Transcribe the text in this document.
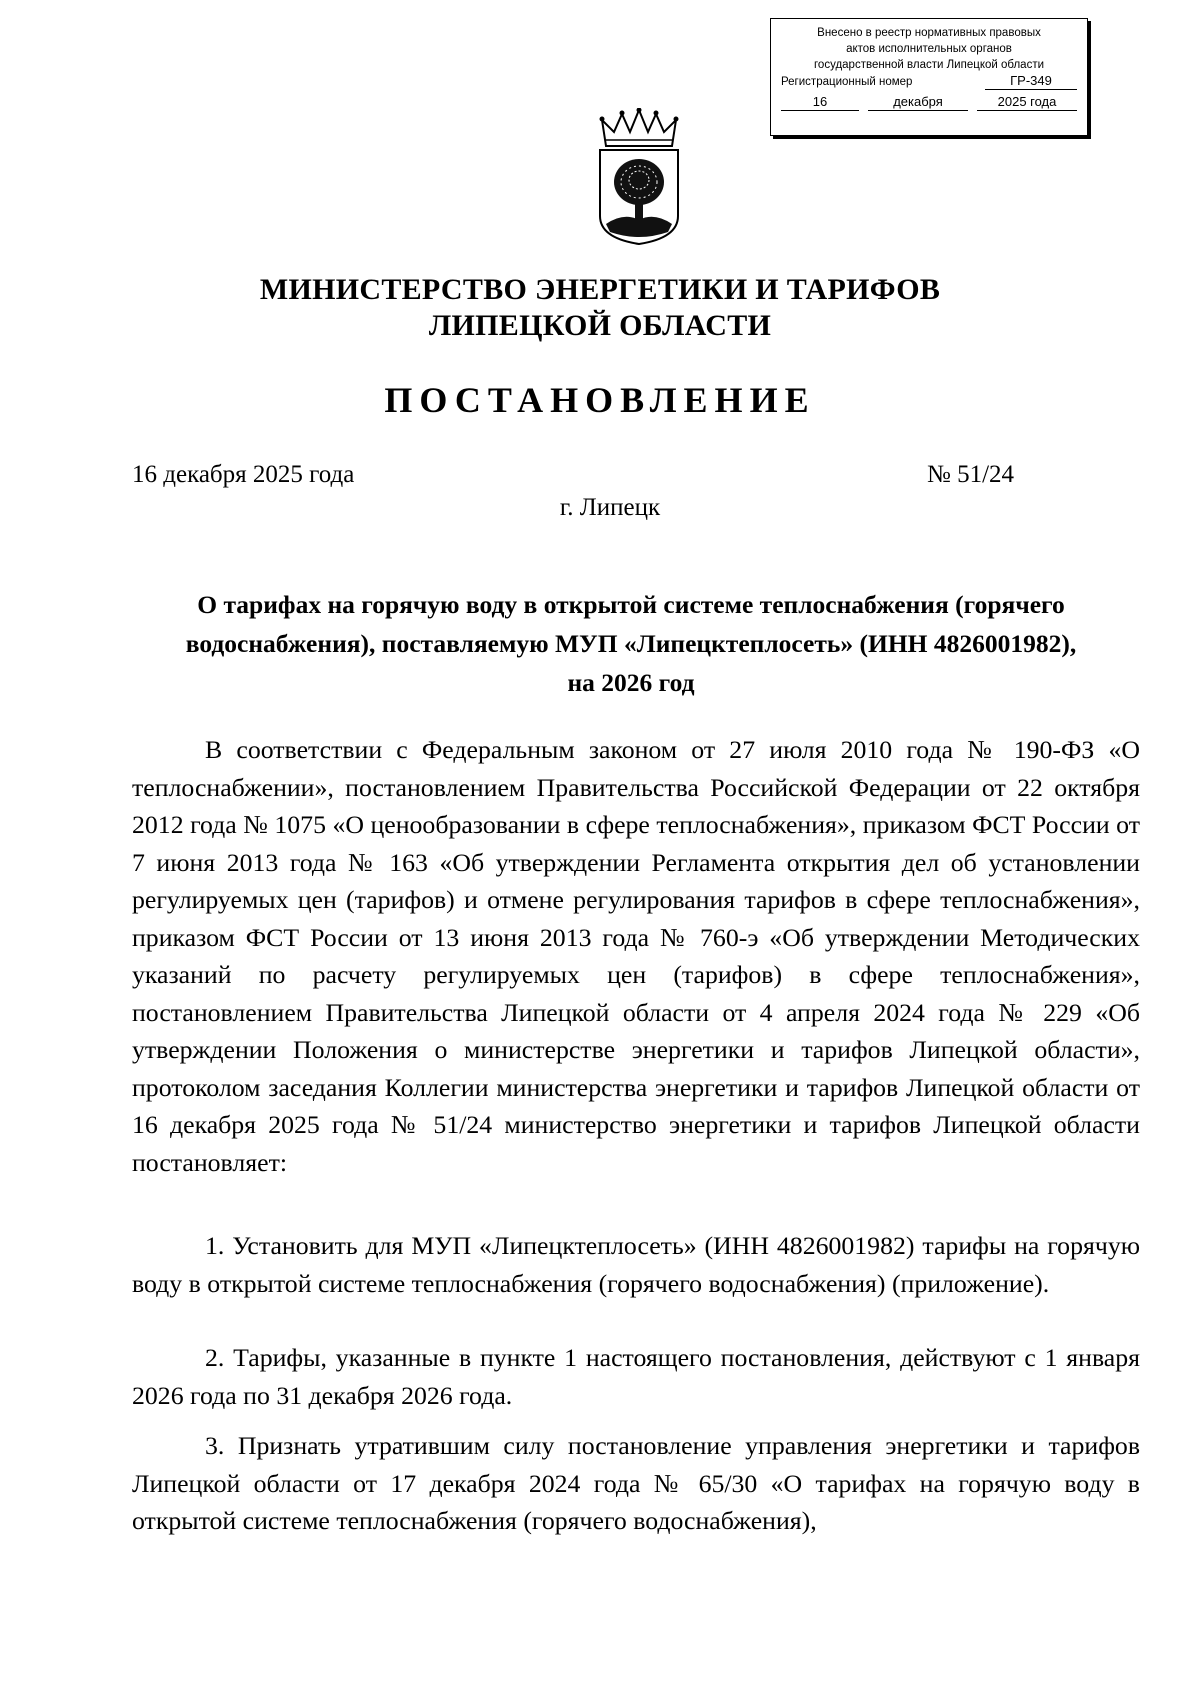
Внесено в реестр нормативных правовых
актов исполнительных органов
государственной власти Липецкой области
Регистрационный номер	ГР-349
16	декабря	2025 года
МИНИСТЕРСТВО ЭНЕРГЕТИКИ И ТАРИФОВ
ЛИПЕЦКОЙ ОБЛАСТИ
ПОСТАНОВЛЕНИЕ
16 декабря 2025 года	№ 51/24
г. Липецк
О тарифах на горячую воду в открытой системе теплоснабжения (горячего
водоснабжения), поставляемую МУП «Липецктеплосеть» (ИНН 4826001982),
на 2026 год

В соответствии с Федеральным законом от 27 июля 2010 года № 190-ФЗ «О теплоснабжении», постановлением Правительства Российской Федерации от 22 октября 2012 года № 1075 «О ценообразовании в сфере теплоснабжения», приказом ФСТ России от 7 июня 2013 года № 163 «Об утверждении Регламента открытия дел об установлении регулируемых цен (тарифов) и отмене регулирования тарифов в сфере теплоснабжения», приказом ФСТ России от 13 июня 2013 года № 760-э «Об утверждении Методических указаний по расчету регулируемых цен (тарифов) в сфере теплоснабжения», постановлением Правительства Липецкой области от 4 апреля 2024 года № 229 «Об утверждении Положения о министерстве энергетики и тарифов Липецкой области», протоколом заседания Коллегии министерства энергетики и тарифов Липецкой области от 16 декабря 2025 года № 51/24 министерство энергетики и тарифов Липецкой области постановляет:

1. Установить для МУП «Липецктеплосеть» (ИНН 4826001982) тарифы на горячую воду в открытой системе теплоснабжения (горячего водоснабжения) (приложение).

2. Тарифы, указанные в пункте 1 настоящего постановления, действуют с 1 января 2026 года по 31 декабря 2026 года.

3. Признать утратившим силу постановление управления энергетики и тарифов Липецкой области от 17 декабря 2024 года № 65/30 «О тарифах на горячую воду в открытой системе теплоснабжения (горячего водоснабжения),
